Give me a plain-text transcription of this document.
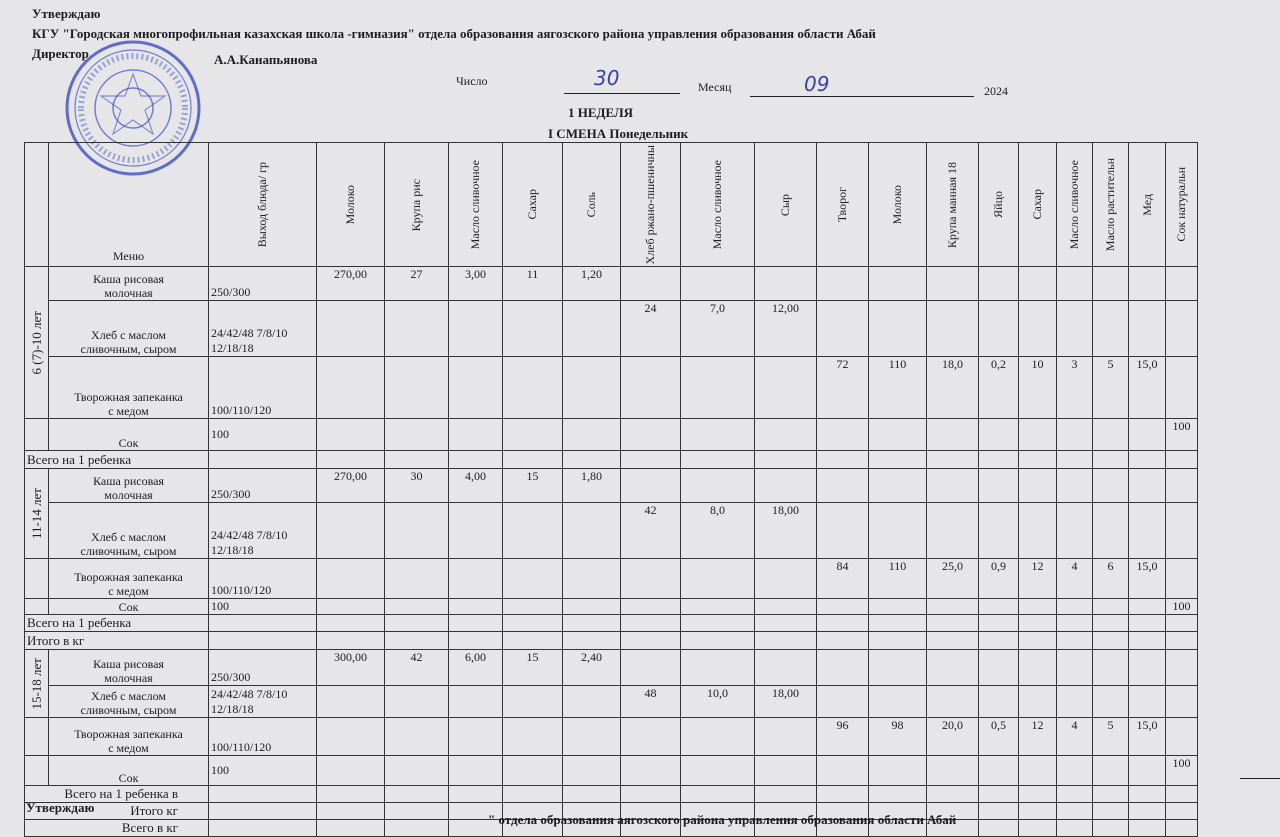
Утверждаю
КГУ "Городская многопрофильная казахская школа -гимназия" отдела образования аягозского района управления образования области Абай
Директор	А.А.Канапьянова
Число	30	Месяц	09	2024
1 НЕДЕЛЯ
I СМЕНА Понедельник
	Меню	Выход блюда/ гр	Молоко	Крупа рис	Масло сливочное	Сахар	Соль	Хлеб ржано-пшеничны	Масло сливочное	Сыр	Творог	Молоко	Крупа манная 18	Яйцо	Сахар	Масло сливочное	Масло растительн	Мед	Сок натуральн	

6 (7)-10 лет	Каша рисовая
молочная	250/300	270,00	27	3,00	11	1,20													

	Хлеб с маслом
сливочным, сыром	24/42/48 7/8/10 12/18/18						24	7,0	12,00										

	Творожная запеканка
с медом	100/110/120									72	110	18,0	0,2	10	3	5	15,0		

	Сок	100																	100	
Всего на 1 ребенка																				

11-14 лет	Каша рисовая
молочная	250/300	270,00	30	4,00	15	1,80													

	Хлеб с маслом
сливочным, сыром	24/42/48 7/8/10 12/18/18						42	8,0	18,00										

	Творожная запеканка
с медом	100/110/120									84	110	25,0	0,9	12	4	6	15,0		

	Сок	100																	100	
Всего на 1 ребенка																				
Итого в кг																				

15-18 лет	Каша рисовая
молочная	250/300	300,00	42	6,00	15	2,40													

	Хлеб с маслом
сливочным, сыром	24/42/48 7/8/10 12/18/18						48	10,0	18,00										

	Творожная запеканка
с медом	100/110/120									96	98	20,0	0,5	12	4	5	15,0		

	Сок	100																	100	
Всего на 1 ребенка в																				
Итого кг																				
Всего в кг																				
Утверждаю
" отдела образования аягозского района управления образования области Абай
